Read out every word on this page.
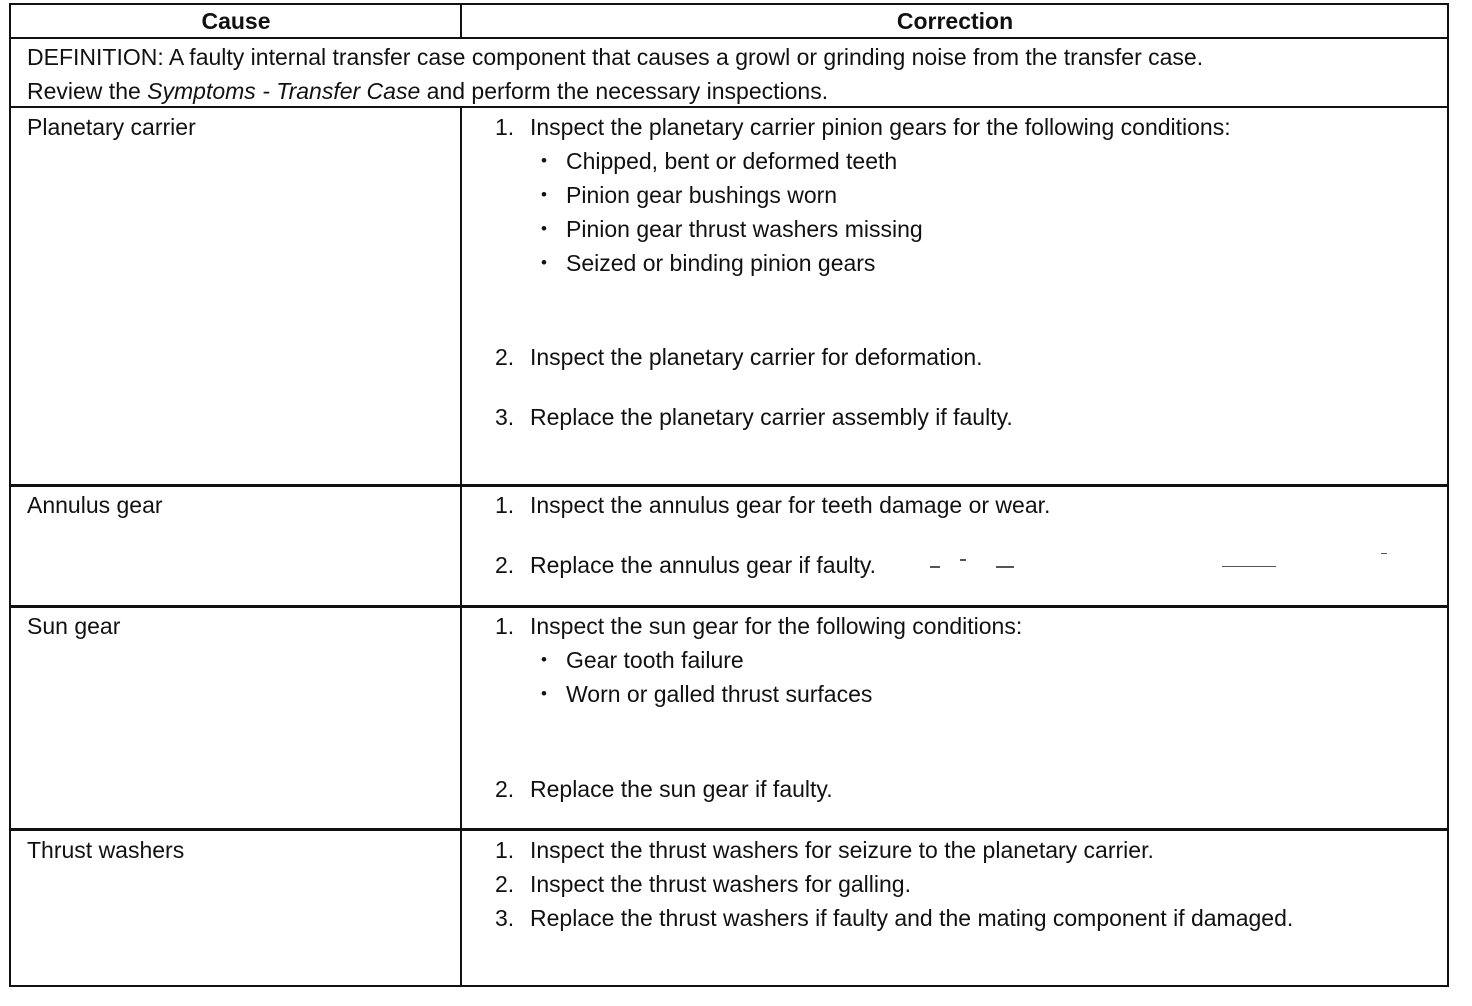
Cause	Correction
DEFINITION: A faulty internal transfer case component that causes a growl or grinding noise from the transfer case.
Review the Symptoms - Transfer Case and perform the necessary inspections.
Planetary carrier	1. Inspect the planetary carrier pinion gears for the following conditions:
• Chipped, bent or deformed teeth
• Pinion gear bushings worn
• Pinion gear thrust washers missing
• Seized or binding pinion gears
2. Inspect the planetary carrier for deformation.
3. Replace the planetary carrier assembly if faulty.
Annulus gear	1. Inspect the annulus gear for teeth damage or wear.
2. Replace the annulus gear if faulty.
Sun gear	1. Inspect the sun gear for the following conditions:
• Gear tooth failure
• Worn or galled thrust surfaces
2. Replace the sun gear if faulty.
Thrust washers	1. Inspect the thrust washers for seizure to the planetary carrier.
2. Inspect the thrust washers for galling.
3. Replace the thrust washers if faulty and the mating component if damaged.
